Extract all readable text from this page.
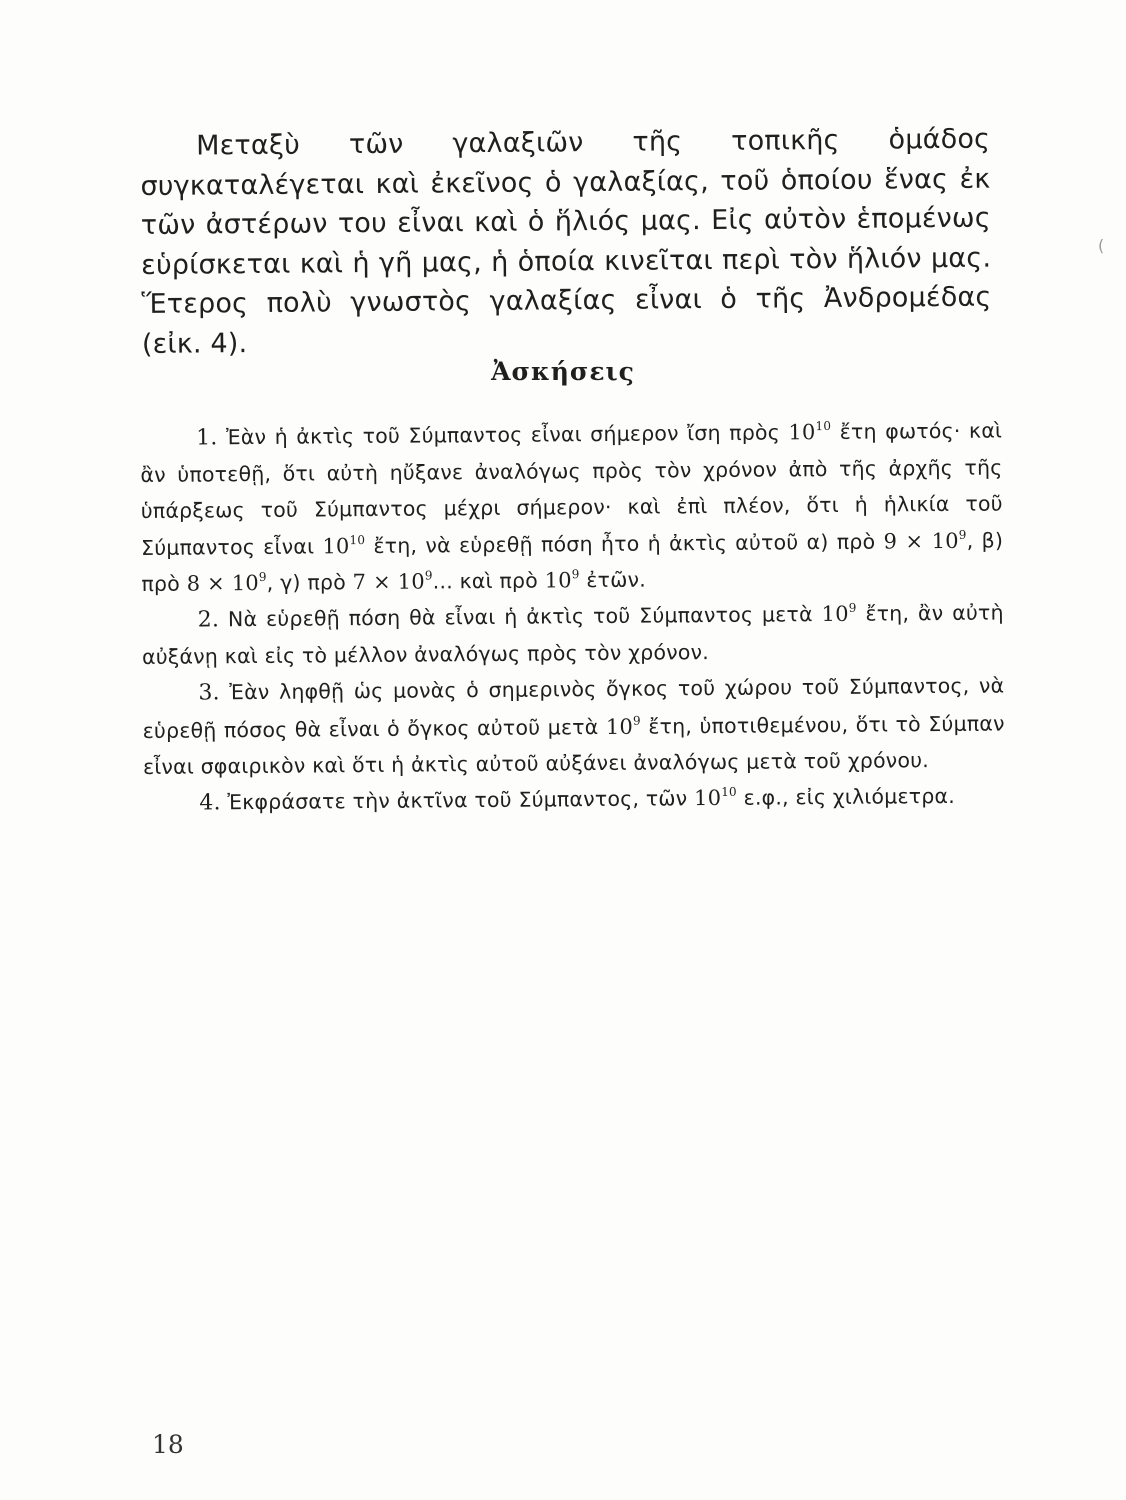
Μεταξὺ τῶν γαλαξιῶν τῆς τοπικῆς ὁμάδος συγκαταλέγεται καὶ ἐκεῖνος ὁ γαλαξίας, τοῦ ὁποίου ἕνας ἐκ τῶν ἀστέρων του εἶναι καὶ ὁ ἥλιός μας. Εἰς αὐτὸν ἑπομένως εὑρίσκεται καὶ ἡ γῆ μας, ἡ ὁποία κινεῖται περὶ τὸν ἥλιόν μας. Ἕτερος πολὺ γνωστὸς γαλαξίας εἶναι ὁ τῆς Ἀνδρομέδας (εἰκ. 4).
Ἀσκήσεις

1. Ἐὰν ἡ ἀκτὶς τοῦ Σύμπαντος εἶναι σήμερον ἴση πρὸς $10^{10}$ ἔτη φωτός· καὶ ἂν ὑποτεθῇ, ὅτι αὐτὴ ηὔξανε ἀναλόγως πρὸς τὸν χρόνον ἀπὸ τῆς ἀρχῆς τῆς ὑπάρξεως τοῦ Σύμπαντος μέχρι σήμερον· καὶ ἐπὶ πλέον, ὅτι ἡ ἡλικία τοῦ Σύμπαντος εἶναι $10^{10}$ ἔτη, νὰ εὑρεθῇ πόση ἦτο ἡ ἀκτὶς αὐτοῦ α) πρὸ $9 \times 10^9$, β) πρὸ $8 \times 10^9$, γ) πρὸ $7 \times 10^9$... καὶ πρὸ $10^9$ ἐτῶν.

2. Νὰ εὑρεθῇ πόση θὰ εἶναι ἡ ἀκτὶς τοῦ Σύμπαντος μετὰ $10^9$ ἔτη, ἂν αὐτὴ αὐξάνῃ καὶ εἰς τὸ μέλλον ἀναλόγως πρὸς τὸν χρόνον.

3. Ἐὰν ληφθῇ ὡς μονὰς ὁ σημερινὸς ὄγκος τοῦ χώρου τοῦ Σύμπαντος, νὰ εὑρεθῇ πόσος θὰ εἶναι ὁ ὄγκος αὐτοῦ μετὰ $10^9$ ἔτη, ὑποτιθεμένου, ὅτι τὸ Σύμπαν εἶναι σφαιρικὸν καὶ ὅτι ἡ ἀκτὶς αὐτοῦ αὐξάνει ἀναλόγως μετὰ τοῦ χρόνου.

4. Ἐκφράσατε τὴν ἀκτῖνα τοῦ Σύμπαντος, τῶν $10^{10}$ ε.φ., εἰς χιλιόμετρα.

(
18
